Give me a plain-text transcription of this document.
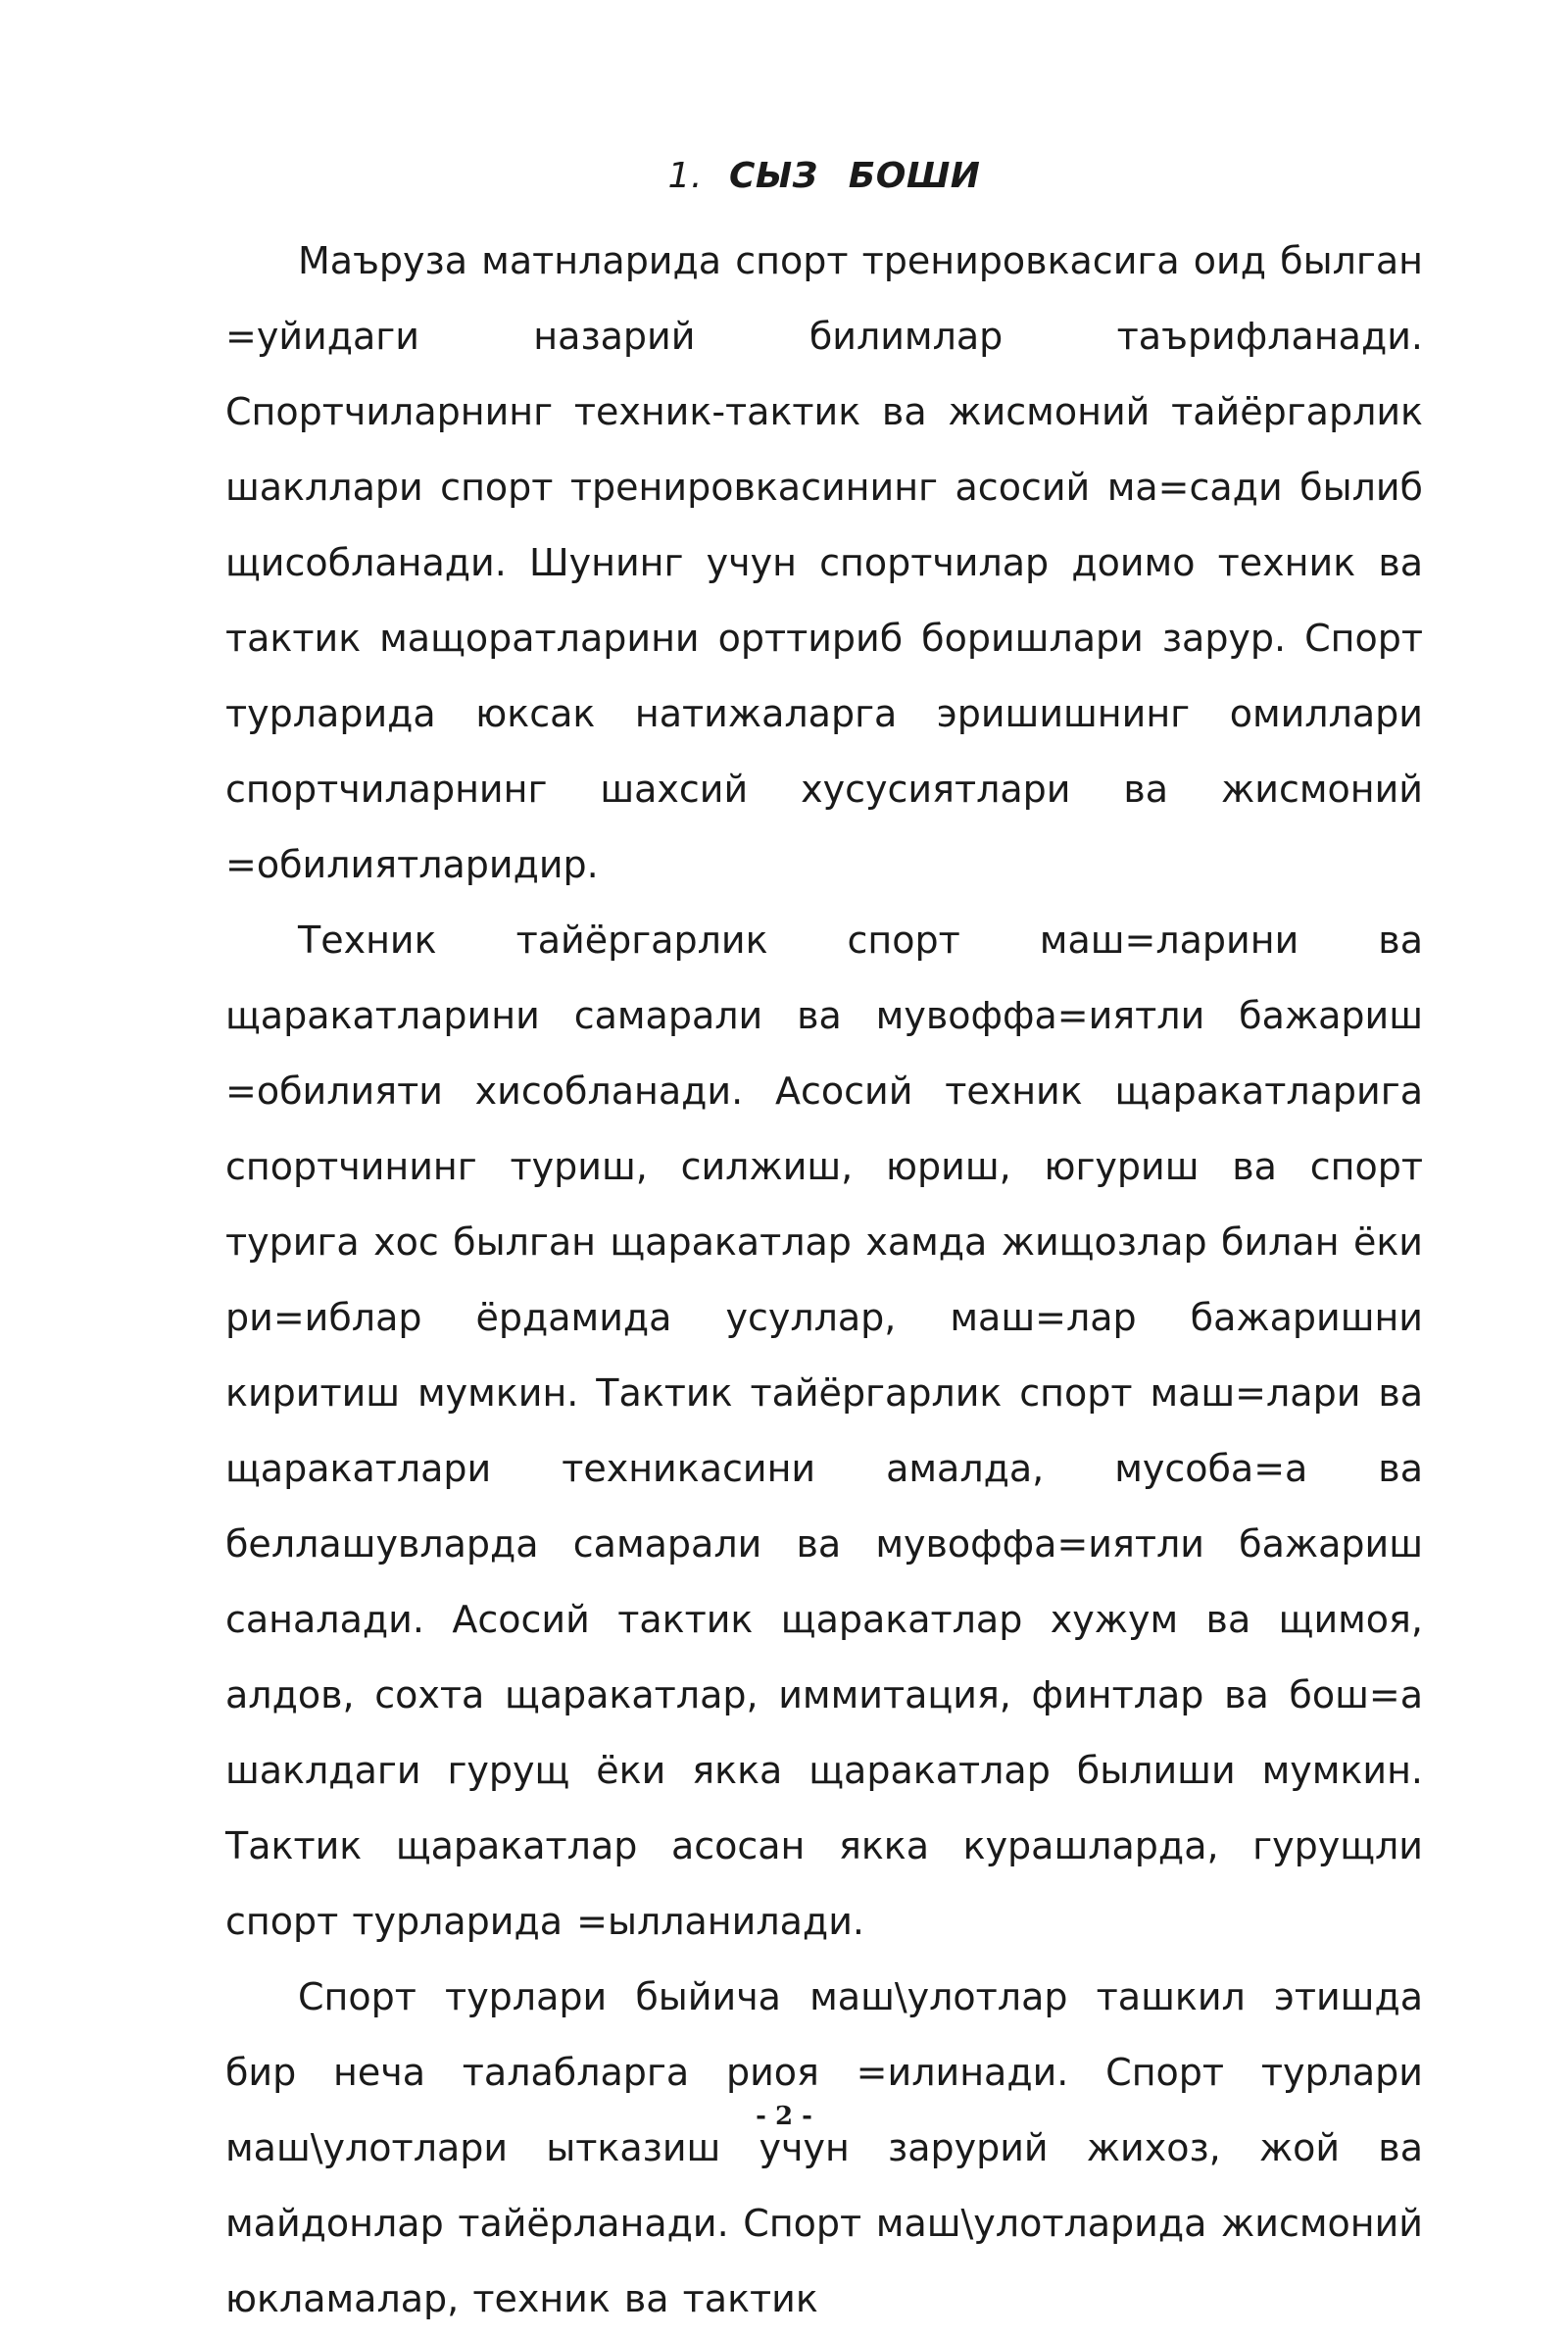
1. СЫЗ БОШИ

Маъруза матнларида спорт тренировкасига оид былган =уйидаги назарий билимлар таърифланади. Спортчиларнинг техник-тактик ва жисмоний тайёргарлик шакллари спорт тренировкасининг асосий ма=сади былиб щисобланади. Шунинг учун спортчилар доимо техник ва тактик мащоратларини орттириб боришлари зарур. Спорт турларида юксак натижаларга эришишнинг омиллари спортчиларнинг шахсий хусусиятлари ва жисмоний =обилиятларидир.

Техник тайёргарлик спорт маш=ларини ва щаракатларини самарали ва мувоффа=иятли бажариш =обилияти хисобланади. Асосий техник щаракатларига спортчининг туриш, силжиш, юриш, югуриш ва спорт турига хос былган щаракатлар хамда жищозлар билан ёки ри=иблар ёрдамида усуллар, маш=лар бажаришни киритиш мумкин. Тактик тайёргарлик спорт маш=лари ва щаракатлари техникасини амалда, мусоба=а ва беллашувларда самарали ва мувоффа=иятли бажариш саналади. Асосий тактик щаракатлар хужум ва щимоя, алдов, сохта щаракатлар, иммитация, финтлар ва бош=а шаклдаги гурущ ёки якка щаракатлар былиши мумкин. Тактик щаракатлар асосан якка курашларда, гурущли спорт турларида =ылланилади.

Спорт турлари быйича маш\улотлар ташкил этишда бир неча талабларга риоя =илинади. Спорт турлари маш\улотлари ыткaзиш учун зарурий жихоз, жой ва майдонлар тайёрланади. Спорт маш\улотларида жисмоний юкламалар, техник ва тактик

- 2 -
